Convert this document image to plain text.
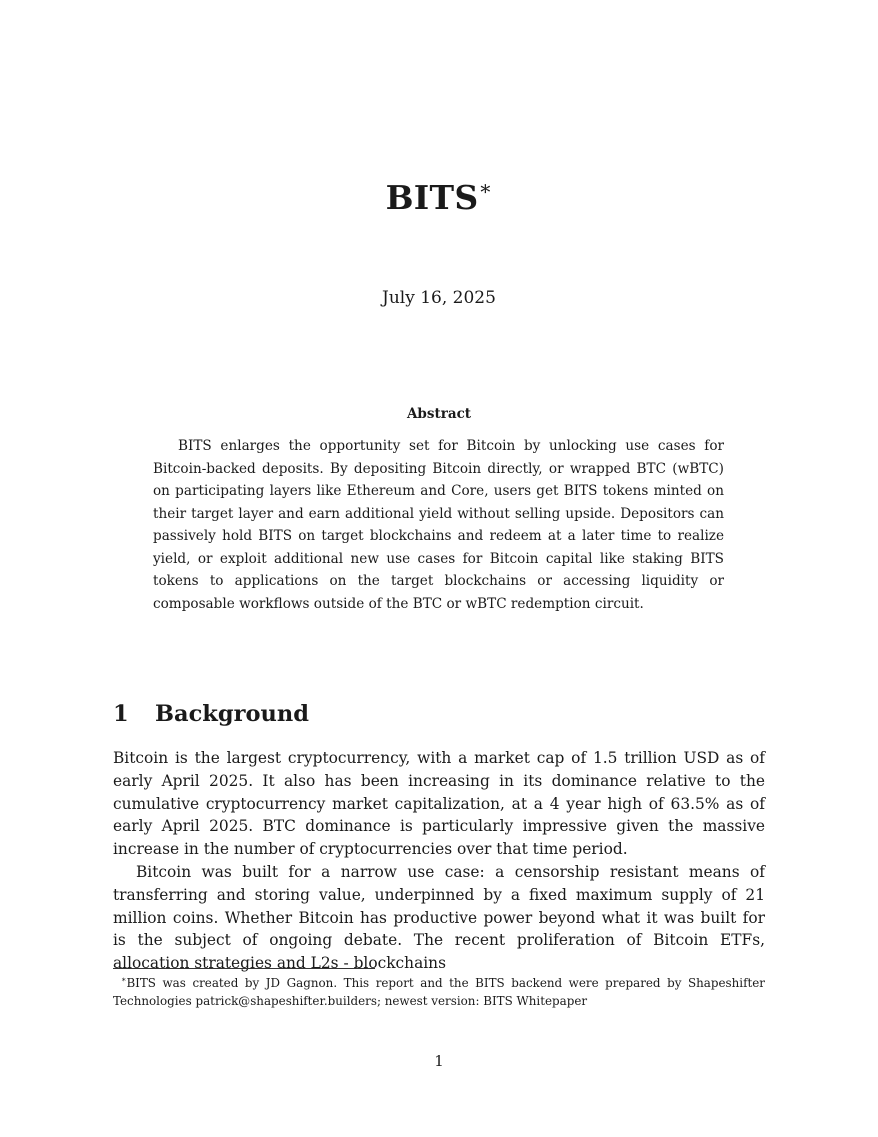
BITS∗
July 16, 2025
Abstract
BITS enlarges the opportunity set for Bitcoin by unlocking use cases for Bitcoin-backed deposits. By depositing Bitcoin directly, or wrapped BTC (wBTC) on participating layers like Ethereum and Core, users get BITS tokens minted on their target layer and earn additional yield without selling upside. Depositors can passively hold BITS on target blockchains and redeem at a later time to realize yield, or exploit additional new use cases for Bitcoin capital like staking BITS tokens to applications on the target blockchains or accessing liquidity or composable workflows outside of the BTC or wBTC redemption circuit.
1 Background

Bitcoin is the largest cryptocurrency, with a market cap of 1.5 trillion USD as of early April 2025. It also has been increasing in its dominance relative to the cumulative cryptocurrency market capitalization, at a 4 year high of 63.5% as of early April 2025. BTC dominance is particularly impressive given the massive increase in the number of cryptocurrencies over that time period.

Bitcoin was built for a narrow use case: a censorship resistant means of transferring and storing value, underpinned by a fixed maximum supply of 21 million coins. Whether Bitcoin has productive power beyond what it was built for is the subject of ongoing debate. The recent proliferation of Bitcoin ETFs, allocation strategies and L2s - blockchains

∗BITS was created by JD Gagnon. This report and the BITS backend were prepared by Shapeshifter Technologies patrick@shapeshifter.builders; newest version: BITS Whitepaper
1
